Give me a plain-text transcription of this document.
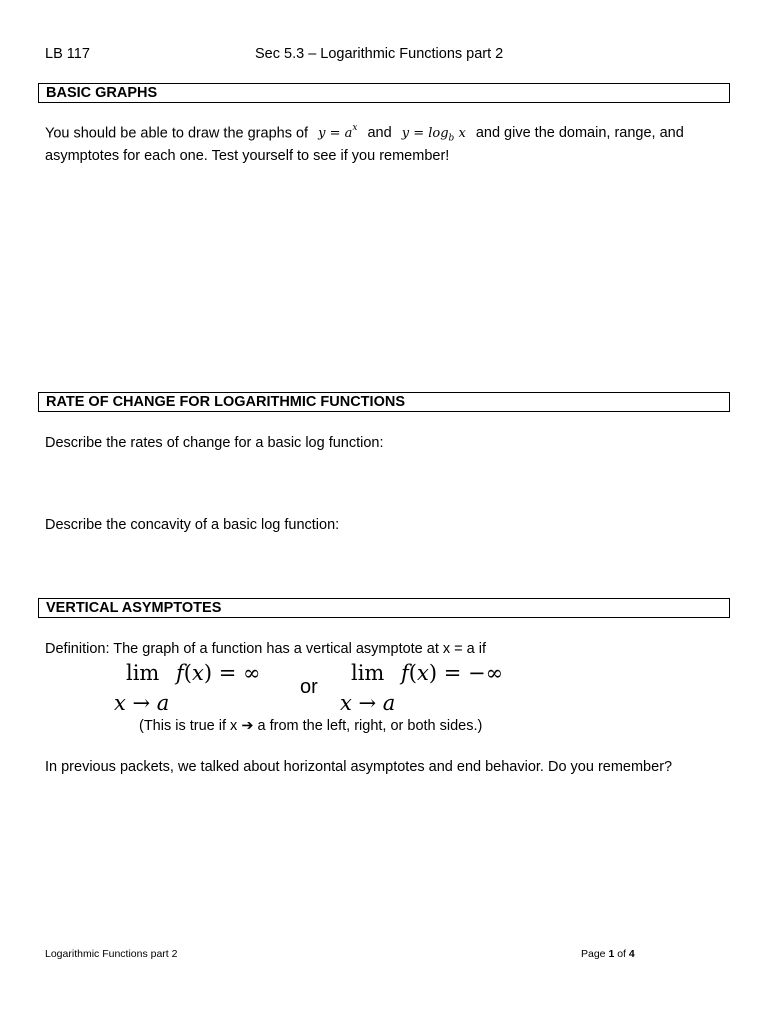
LB 117	Sec 5.3 – Logarithmic Functions part 2
BASIC GRAPHS
You should be able to draw the graphs of $y = a^x$ and $y = \log_b x$ and give the domain, range, and
asymptotes for each one. Test yourself to see if you remember!
RATE OF CHANGE FOR LOGARITHMIC FUNCTIONS
Describe the rates of change for a basic log function:
Describe the concavity of a basic log function:
VERTICAL ASYMPTOTES
Definition: The graph of a function has a vertical asymptote at x = a if
lim f(x) = ∞
x → a
or
lim f(x) = −∞
x → a
(This is true if x ➔ a from the left, right, or both sides.)
In previous packets, we talked about horizontal asymptotes and end behavior. Do you remember?
Logarithmic Functions part 2	Page 1 of 4
